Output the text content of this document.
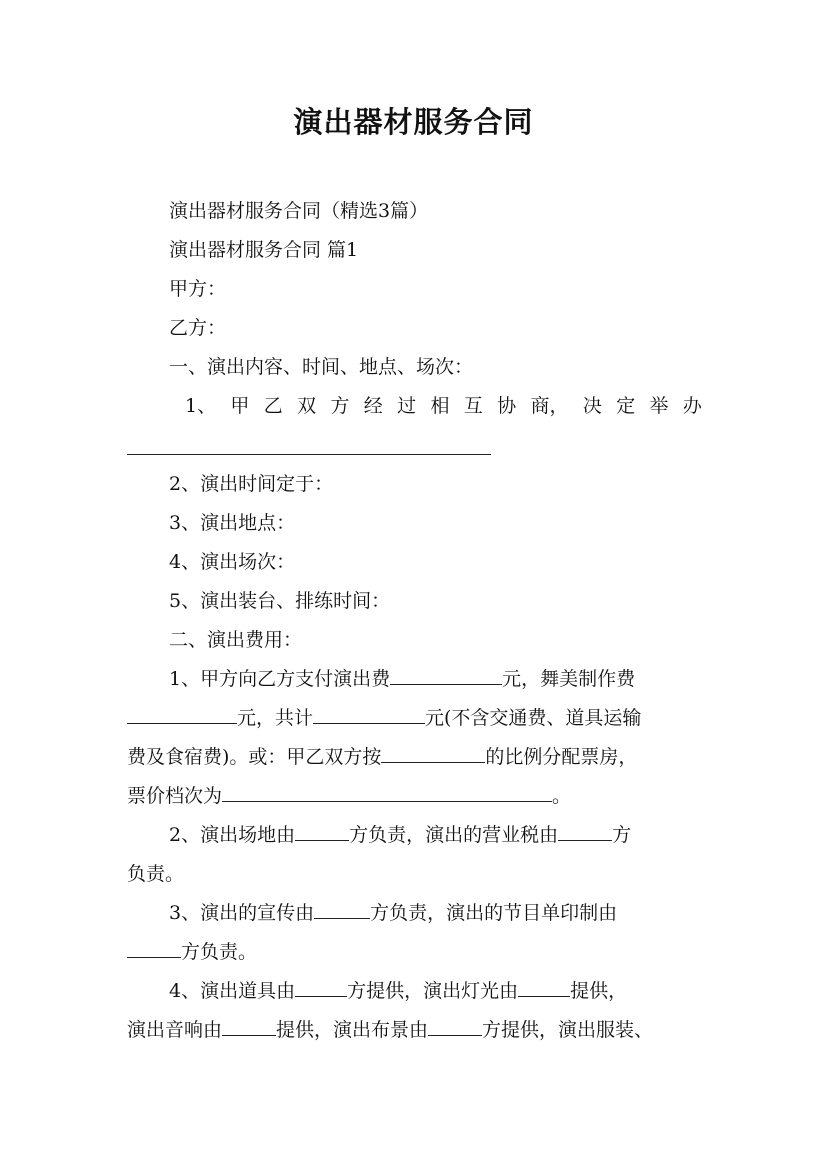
演出器材服务合同
演出器材服务合同（精选3篇）
演出器材服务合同 篇1
甲方：
乙方：
一、演出内容、时间、地点、场次：
1、 甲 乙 双 方 经 过 相 互 协 商， 决 定 举 办
2、演出时间定于：
3、演出地点：
4、演出场次：
5、演出装台、排练时间：
二、演出费用：
1、甲方向乙方支付演出费	元，舞美制作费
元，共计	元(不含交通费、道具运输
费及食宿费)。或：甲乙双方按	的比例分配票房，
票价档次为	。
2、演出场地由	方负责，演出的营业税由	方
负责。
3、演出的宣传由	方负责，演出的节目单印制由
方负责。
4、演出道具由	方提供，演出灯光由	提供，
演出音响由	提供，演出布景由	方提供，演出服装、
